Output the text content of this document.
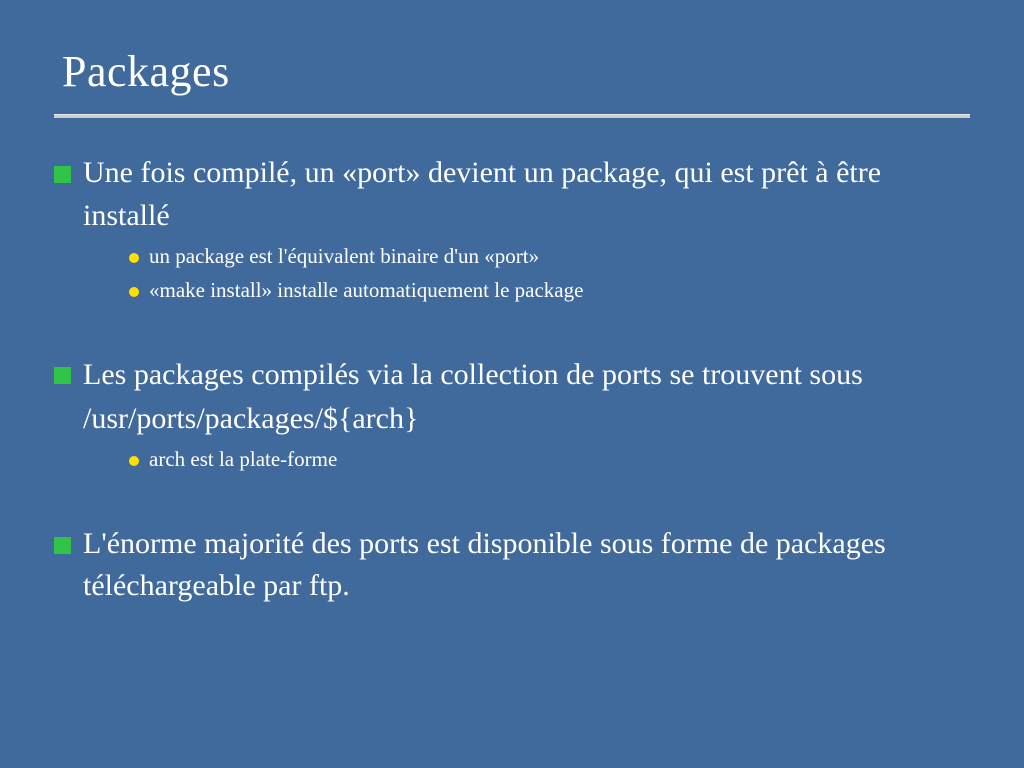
Packages
Une fois compilé, un «port» devient un package, qui est prêt à être installé
un package est l'équivalent binaire d'un «port»
«make install» installe automatiquement le package
Les packages compilés via la collection de ports se trouvent sous /usr/ports/packages/${arch}
arch est la plate-forme
L'énorme majorité des ports est disponible sous forme de packages téléchargeable par ftp.
